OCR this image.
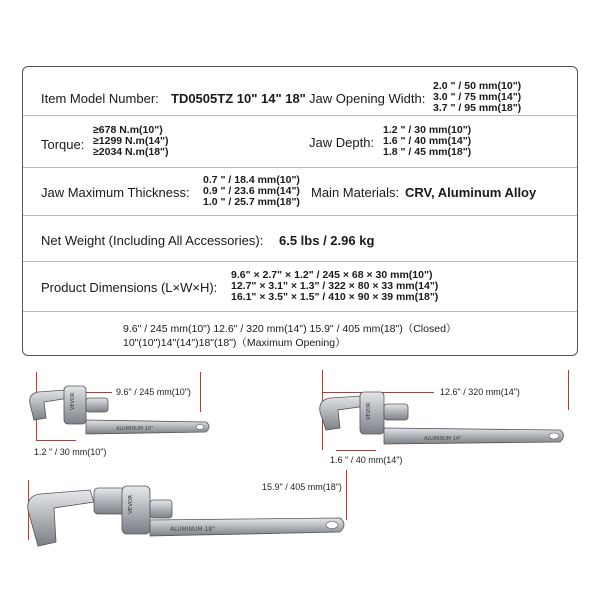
Item Model Number: TD0505TZ 10" 14" 18" Jaw Opening Width:
2.0 " / 50 mm(10")
3.0 " / 75 mm(14")
3.7 " / 95 mm(18")
Torque:
≥678 N.m(10")
≥1299 N.m(14")
≥2034 N.m(18")
Jaw Depth:
1.2 " / 30 mm(10")
1.6 " / 40 mm(14")
1.8 " / 45 mm(18")
Jaw Maximum Thickness:
0.7 " / 18.4 mm(10")
0.9 " / 23.6 mm(14")
1.0 " / 25.7 mm(18")
Main Materials: CRV, Aluminum Alloy
Net Weight (Including All Accessories): 6.5 lbs / 2.96 kg
Product Dimensions (L×W×H):
9.6" × 2.7" × 1.2" / 245 × 68 × 30 mm(10")
12.7" × 3.1" × 1.3" / 322 × 80 × 33 mm(14")
16.1" × 3.5" × 1.5" / 410 × 90 × 39 mm(18")
9.6" / 245 mm(10") 12.6" / 320 mm(14") 15.9" / 405 mm(18")（Closed）
10"(10")14"(14")18"(18")（Maximum Opening）
9.6" / 245 mm(10")
1.2 " / 30 mm(10")
VEVOR
ALUMINUM 10"
12.6" / 320 mm(14")
1.6 " / 40 mm(14")
VEVOR
ALUMINUM 14"
15.9" / 405 mm(18")
VEVOR
ALUMINUM 18"
